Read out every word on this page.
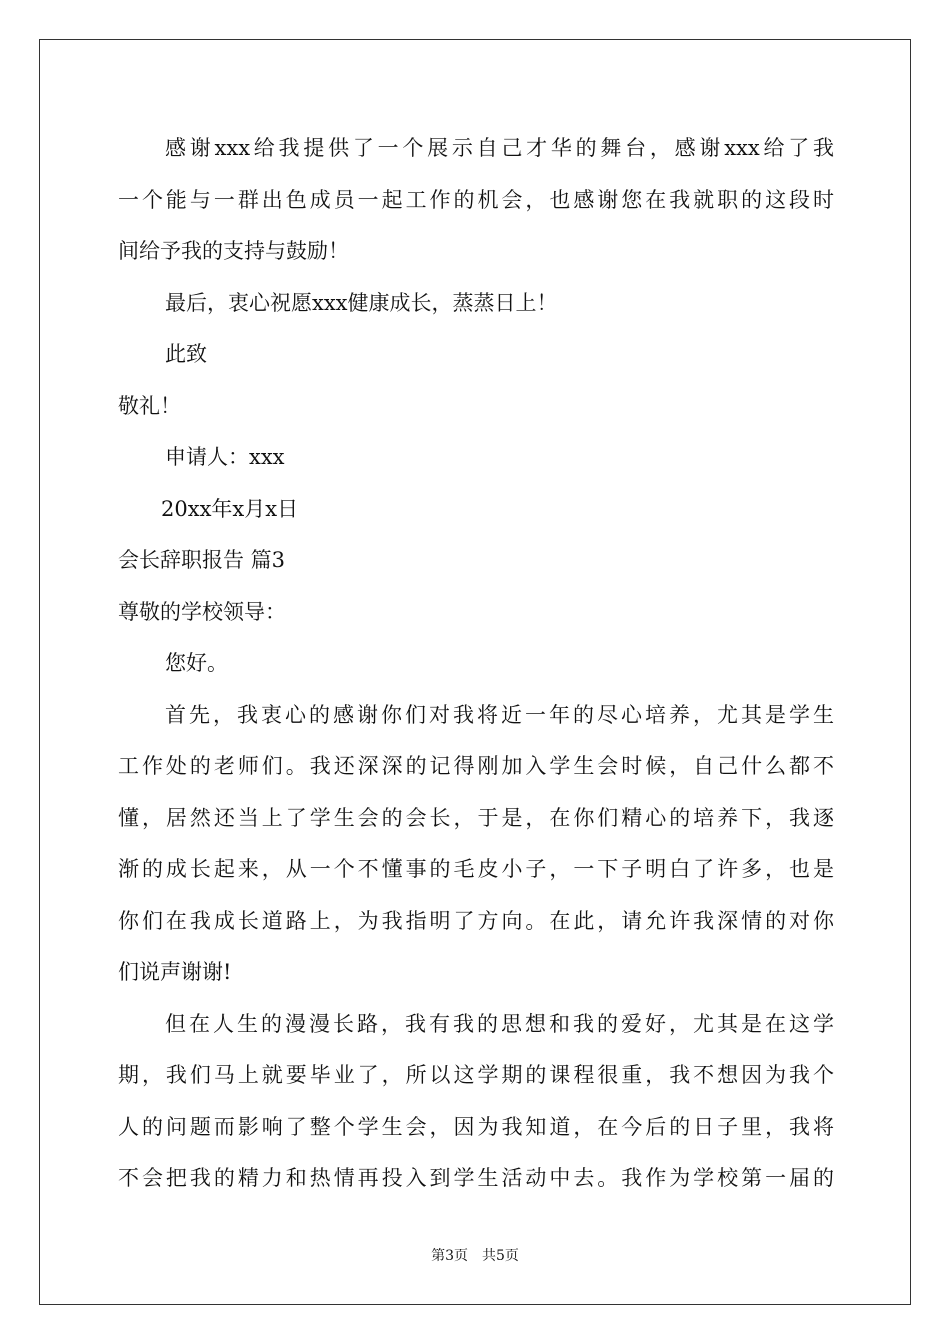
感谢xxx给我提供了一个展示自己才华的舞台，感谢xxx给了我
一个能与一群出色成员一起工作的机会，也感谢您在我就职的这段时
间给予我的支持与鼓励！
最后，衷心祝愿xxx健康成长，蒸蒸日上！
此致
敬礼！
申请人：xxx
20xx年x月x日
会长辞职报告 篇3
尊敬的学校领导：
您好。
首先，我衷心的感谢你们对我将近一年的尽心培养，尤其是学生
工作处的老师们。我还深深的记得刚加入学生会时候，自己什么都不
懂，居然还当上了学生会的会长，于是，在你们精心的培养下，我逐
渐的成长起来，从一个不懂事的毛皮小子，一下子明白了许多，也是
你们在我成长道路上，为我指明了方向。在此，请允许我深情的对你
们说声谢谢!
但在人生的漫漫长路，我有我的思想和我的爱好，尤其是在这学
期，我们马上就要毕业了，所以这学期的课程很重，我不想因为我个
人的问题而影响了整个学生会，因为我知道，在今后的日子里，我将
不会把我的精力和热情再投入到学生活动中去。我作为学校第一届的
第3页　共5页
